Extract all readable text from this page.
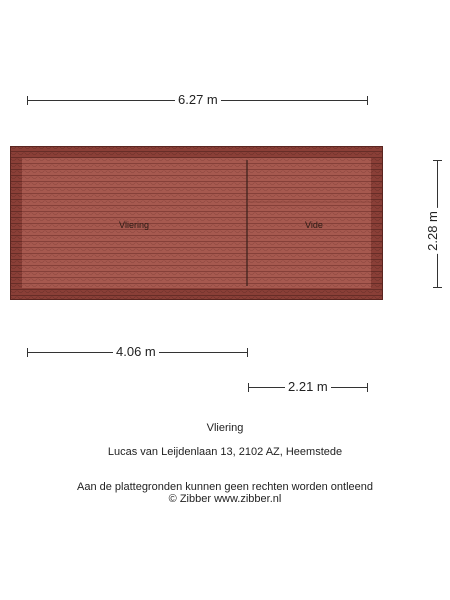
6.27 m
2.28 m
Vliering	Vide
4.06 m
2.21 m
Vliering
Lucas van Leijdenlaan 13, 2102 AZ, Heemstede
Aan de plattegronden kunnen geen rechten worden ontleend
© Zibber www.zibber.nl
